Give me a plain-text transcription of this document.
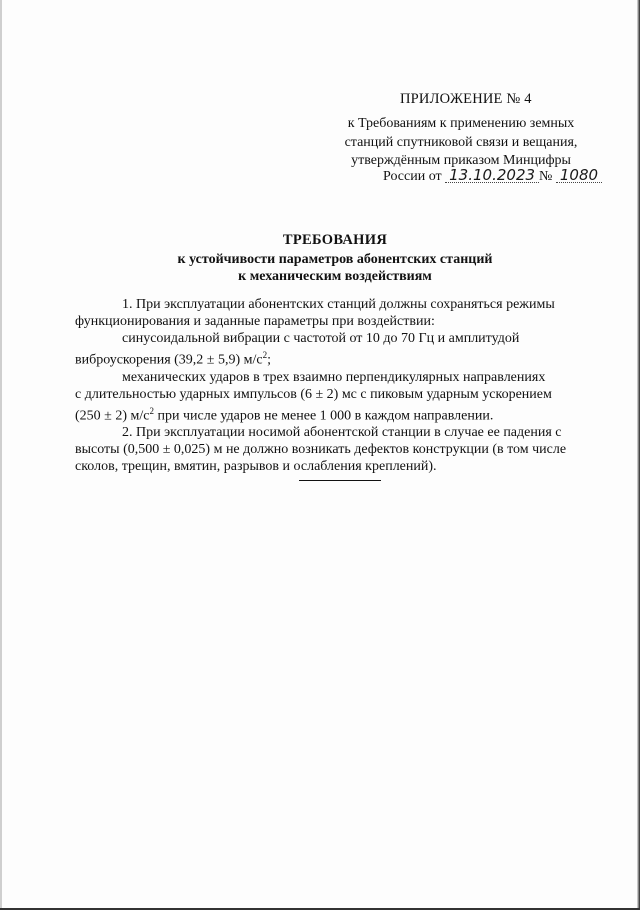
ПРИЛОЖЕНИЕ № 4
к Требованиям к применению земных
станций спутниковой связи и вещания,
утверждённым приказом Минцифры
России от 13.10.2023 № 1080
ТРЕБОВАНИЯ
к устойчивости параметров абонентских станций
к механическим воздействиям
1. При эксплуатации абонентских станций должны сохраняться режимы
функционирования и заданные параметры при воздействии:
синусоидальной вибрации с частотой от 10 до 70 Гц и амплитудой
виброускорения (39,2 ± 5,9) $м/с^2$;
механических ударов в трех взаимно перпендикулярных направлениях
с длительностью ударных импульсов (6 ± 2) мс с пиковым ударным ускорением
(250 ± 2) $м/с^2$ при числе ударов не менее 1 000 в каждом направлении.
2. При эксплуатации носимой абонентской станции в случае ее падения с
высоты (0,500 ± 0,025) м не должно возникать дефектов конструкции (в том числе
сколов, трещин, вмятин, разрывов и ослабления креплений).
